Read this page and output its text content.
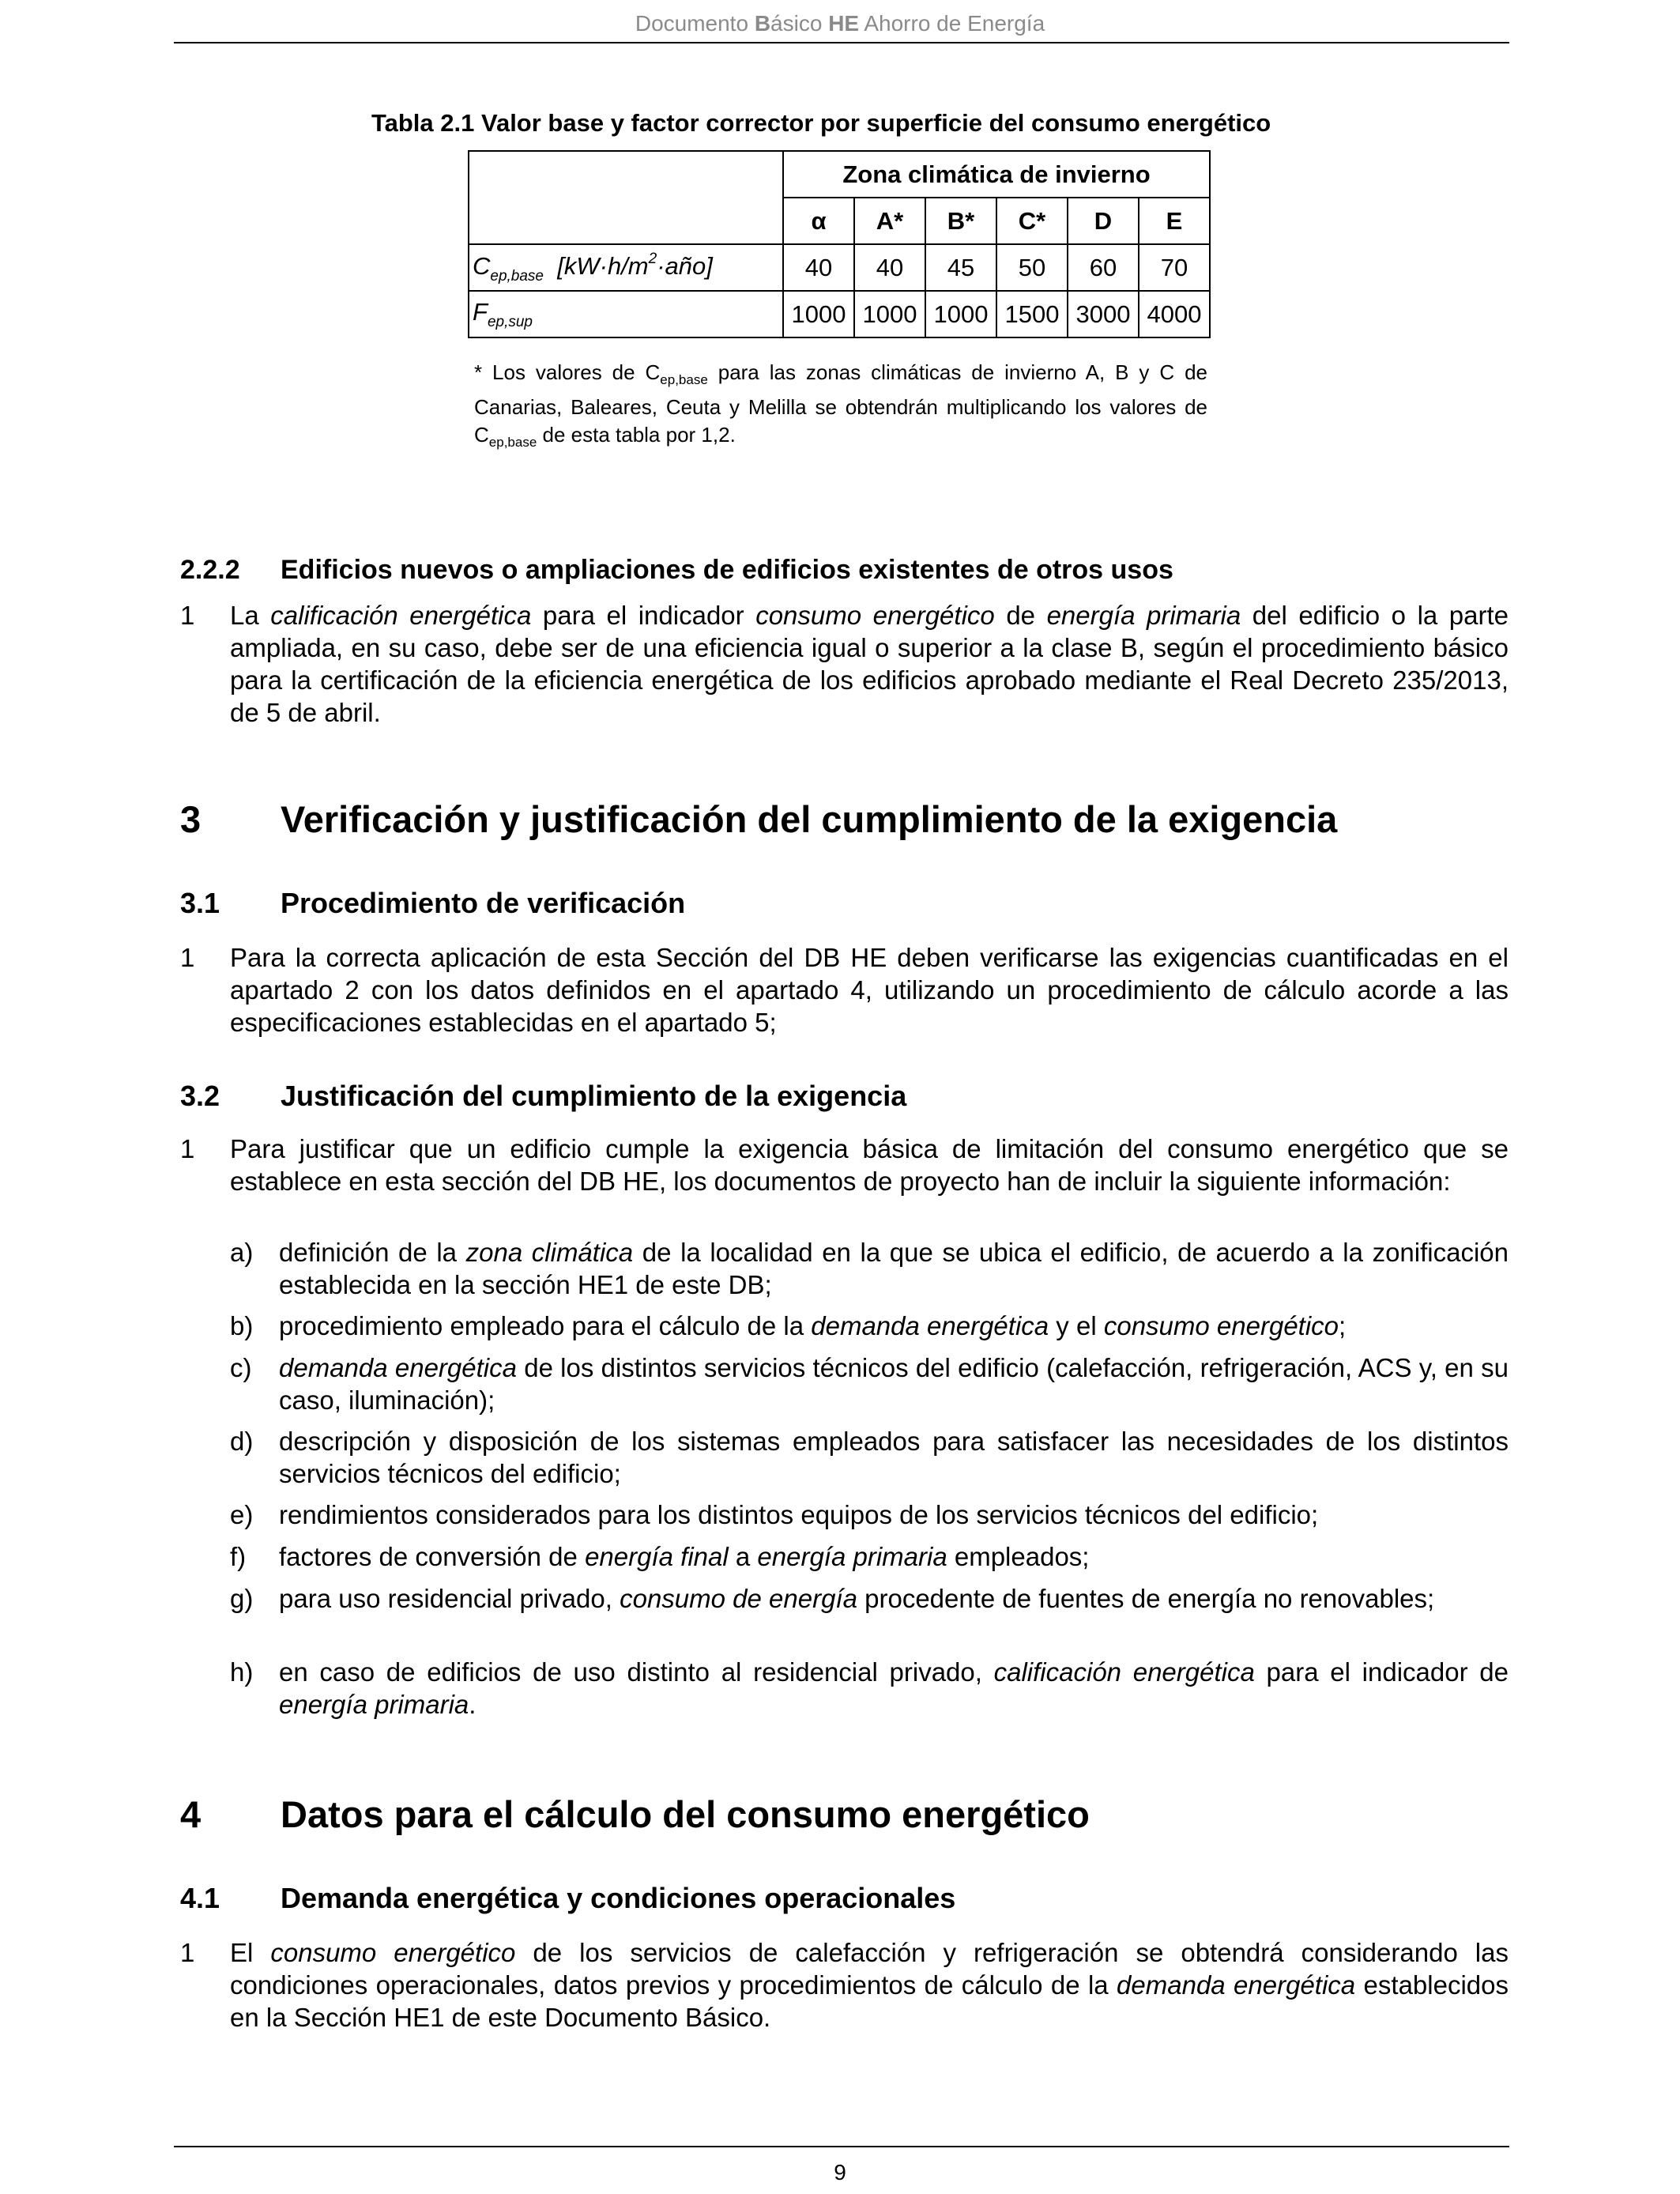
Documento Básico HE Ahorro de Energía
Tabla 2.1 Valor base y factor corrector por superficie del consumo energético
	Zona climática de invierno					
	α	A*	B*	C*	D	E
$C_{ep,base}$ $[kW\cdot h/m^2\cdot año]$	40	40	45	50	60	70
$F_{ep,sup}$	1000	1000	1000	1500	3000	4000
* Los valores de $C_{ep,base}$ para las zonas climáticas de invierno A, B y C de Canarias, Baleares, Ceuta y Melilla se obtendrán multiplicando los valores de $C_{ep,base}$ de esta tabla por 1,2.
2.2.2 Edificios nuevos o ampliaciones de edificios existentes de otros usos
1 La calificación energética para el indicador consumo energético de energía primaria del edificio o la parte ampliada, en su caso, debe ser de una eficiencia igual o superior a la clase B, según el procedimiento básico para la certificación de la eficiencia energética de los edificios aprobado mediante el Real Decreto 235/2013, de 5 de abril.
3 Verificación y justificación del cumplimiento de la exigencia
3.1 Procedimiento de verificación
1 Para la correcta aplicación de esta Sección del DB HE deben verificarse las exigencias cuantificadas en el apartado 2 con los datos definidos en el apartado 4, utilizando un procedimiento de cálculo acorde a las especificaciones establecidas en el apartado 5;
3.2 Justificación del cumplimiento de la exigencia
1 Para justificar que un edificio cumple la exigencia básica de limitación del consumo energético que se establece en esta sección del DB HE, los documentos de proyecto han de incluir la siguiente información:
a) definición de la zona climática de la localidad en la que se ubica el edificio, de acuerdo a la zonificación establecida en la sección HE1 de este DB;
b) procedimiento empleado para el cálculo de la demanda energética y el consumo energético;
c) demanda energética de los distintos servicios técnicos del edificio (calefacción, refrigeración, ACS y, en su caso, iluminación);
d) descripción y disposición de los sistemas empleados para satisfacer las necesidades de los distintos servicios técnicos del edificio;
e) rendimientos considerados para los distintos equipos de los servicios técnicos del edificio;
f) factores de conversión de energía final a energía primaria empleados;
g) para uso residencial privado, consumo de energía procedente de fuentes de energía no renovables;
h) en caso de edificios de uso distinto al residencial privado, calificación energética para el indicador de energía primaria.
4 Datos para el cálculo del consumo energético
4.1 Demanda energética y condiciones operacionales
1 El consumo energético de los servicios de calefacción y refrigeración se obtendrá considerando las condiciones operacionales, datos previos y procedimientos de cálculo de la demanda energética establecidos en la Sección HE1 de este Documento Básico.
9
